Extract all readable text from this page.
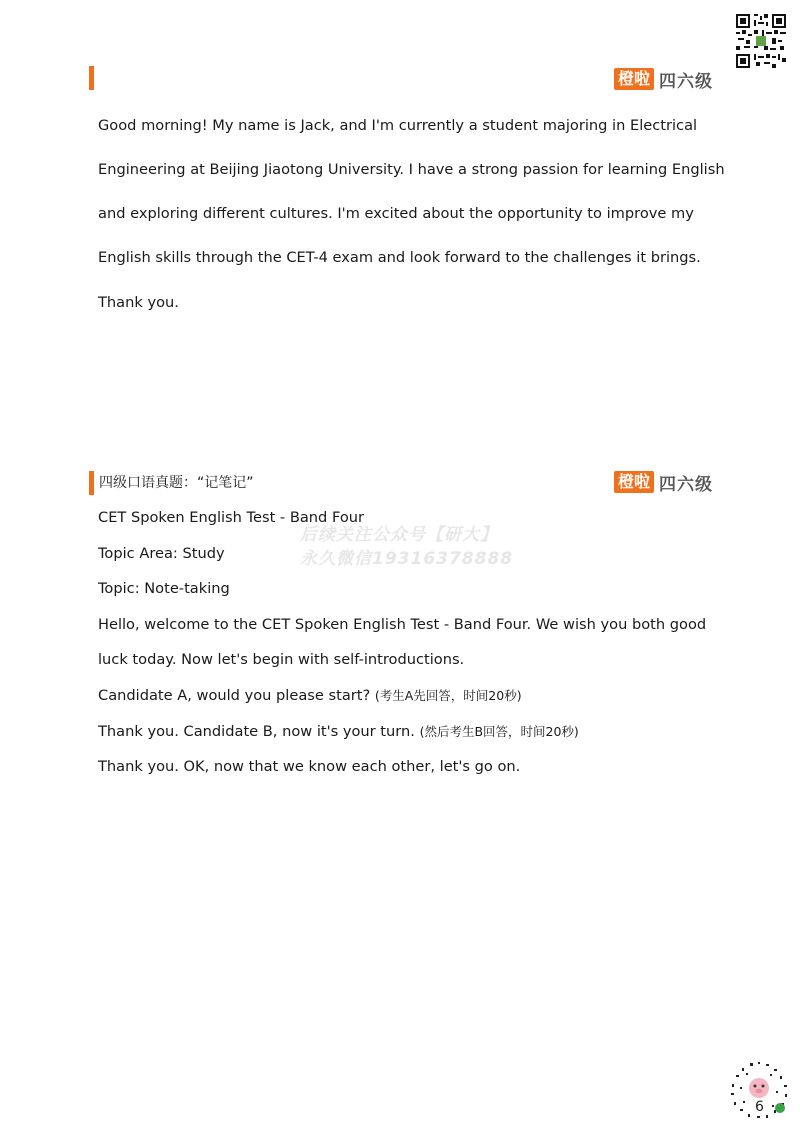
橙啦 四六级
Good morning! My name is Jack, and I'm currently a student majoring in Electrical
Engineering at Beijing Jiaotong University. I have a strong passion for learning English
and exploring different cultures. I'm excited about the opportunity to improve my
English skills through the CET-4 exam and look forward to the challenges it brings.
Thank you.
四级口语真题：“记笔记”	橙啦 四六级
后续关注公众号【研大】
永久微信19316378888
CET Spoken English Test - Band Four
Topic Area: Study
Topic: Note-taking
Hello, welcome to the CET Spoken English Test - Band Four. We wish you both good
luck today. Now let's begin with self-introductions.
Candidate A, would you please start? (考生A先回答，时间20秒)
Thank you. Candidate B, now it's your turn. (然后考生B回答，时间20秒)
Thank you. OK, now that we know each other, let's go on.
6
